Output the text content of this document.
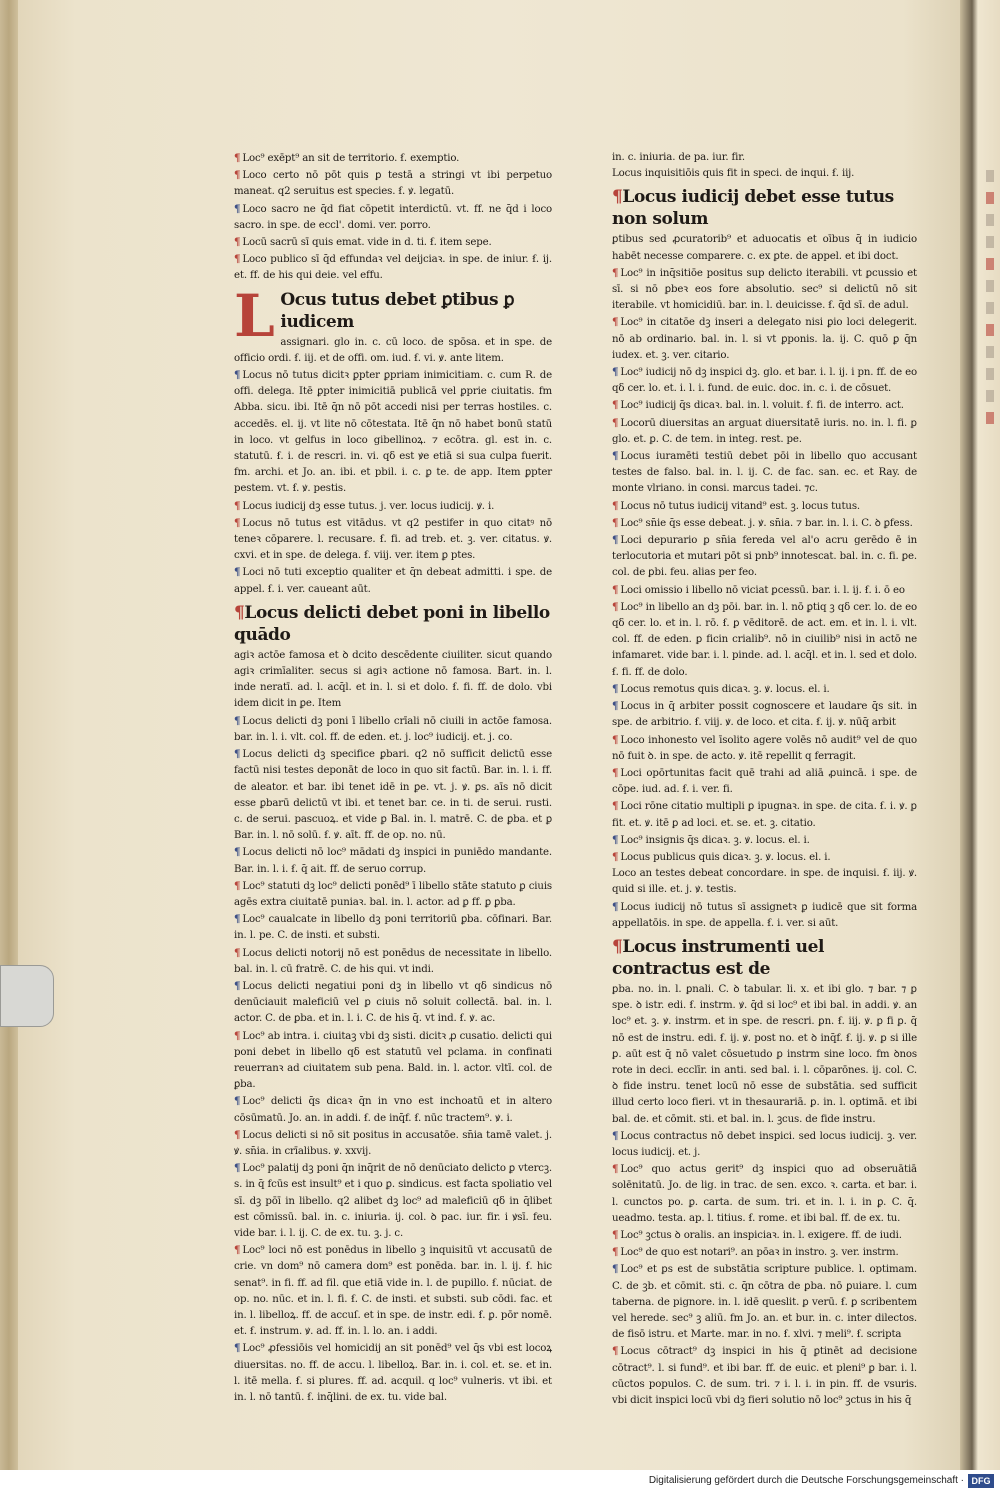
¶ Loc⁹ exēpt⁹ an sit de territorio. ẜ. exemptio.

¶ Loco certo nō pōt quis ꝑ testā a stringi vt ibi perpetuo maneat. q2 seruitus est species. ẜ. ꝟ. legatū.

¶ Loco sacro ne q̄d fiat cōpetit interdictū. vt. ff. ne q̄d i loco sacro. in spe. de eccl'. domi. ver. porro.

¶ Locū sacrū sī quis emat. vide in d. ti. ẜ. item sepe.

¶ Loco publico sī q̄d effundaꝛ vel deijciaꝛ. in spe. de iniur. ẜ. ij. et. ff. de his qui deie. vel effu.

L Ocus tutus debet ꝑtibus ꝑ iudicem

assignari. glo in. c. cū loco. de spōsa. et in spe. de officio ordi. ẜ. iij. et de offi. om. iud. ẜ. vi. ꝟ. ante litem.

¶ Locus nō tutus dicitꝛ ꝑpter ꝑpriam inimicitiam. c. cum R. de offi. delega. Itē ꝑpter inimicitiā publicā vel ꝑprie ciuitatis. fm Abba. sicu. ibi. Itē q̄n nō pōt accedi nisi per terras hostiles. c. accedēs. el. ij. vt lite nō cōtestata. Itē q̄n nō habet bonū statū in loco. vt gelfus in loco gibellinoꝝ. ⁊ ecōtra. gl. est in. c. statutū. ẜ. i. de rescri. in. vi. qδ est ꝟe etiā si sua culpa fuerit. fm. archi. et Jo. an. ibi. et pbil. i. c. ꝑ te. de app. Item ꝑpter pestem. vt. ẜ. ꝟ. pestis.

¶ Locus iudicij dꝫ esse tutus. j. ver. locus iudicij. ꝟ. i.

¶ Locus nō tutus est vitādus. vt q2 pestifer in quo citatꝰ nō teneꝛ cōparere. l. recusare. ẜ. fi. ad treb. et. ꝫ. ver. citatus. ꝟ. cxvi. et in spe. de delega. ẜ. viij. ver. item ꝑ ptes.

¶ Loci nō tuti exceptio qualiter et q̄n debeat admitti. i spe. de appel. ẜ. i. ver. caueant aūt.

¶Locus delicti debet poni in libello quādo

agiꝛ actōe famosa et ꝺ dcito descēdente ciuiliter. sicut quando agiꝛ crimīaliter. secus si agiꝛ actione nō famosa. Bart. in. l. inde neratī. ad. l. acq̄l. et in. l. si et dolo. ẜ. fi. ff. de dolo. vbi idem dicit in ꝑe. Item

¶ Locus delicti dꝫ poni ī libello crīali nō ciuili in actōe famosa. bar. in. l. i. vlt. col. ff. de eden. et. j. loc⁹ iudicij. et. j. co.

¶ Locus delicti dꝫ specifice ꝑbari. q2 nō sufficit delictū esse factū nisi testes deponāt de loco in quo sit factū. Bar. in. l. i. ff. de aleator. et bar. ibi tenet idē in ꝑe. vt. j. ꝟ. ꝑs. aīs nō dicit esse ꝑbarū delictū vt ibi. et tenet bar. ce. in ti. de serui. rusti. c. de serui. pascuoꝝ. et vide ꝑ Bal. in. l. matrē. C. de ꝑba. et ꝑ Bar. in. l. nō solū. ẜ. ꝟ. aīt. ff. de op. no. nū.

¶ Locus delicti nō loc⁹ mādati dꝫ inspici in puniēdo mandante. Bar. in. l. i. ẜ. q̄ ait. ff. de seruo corrup.

¶ Loc⁹ statuti dꝫ loc⁹ delicti ponēd⁹ ī libello stāte statuto ꝑ ciuis agēs extra ciuitatē puniaꝛ. bal. in. l. actor. ad ꝑ ff. ꝑ ꝑba.

¶ Loc⁹ caualcate in libello dꝫ poni territoriū ꝑba. cōfinari. Bar. in. l. pe. C. de insti. et substi.

¶ Locus delicti notorij nō est ponēdus de necessitate in libello. bal. in. l. cū fratrē. C. de his qui. vt indi.

¶ Locus delicti negatiui poni dꝫ in libello vt qδ sindicus nō denūciauit maleficiū vel ꝑ ciuis nō soluit collectā. bal. in. l. actor. C. de ꝑba. et in. l. i. C. de his q̄. vt ind. ẜ. ꝟ. ac.

¶ Loc⁹ ab intra. i. ciuitaꝫ vbi dꝫ sisti. dicitꝛ ꝓ cusatio. delicti qui poni debet in libello qδ est statutū vel pclama. in confinati reuerranꝛ ad ciuitatem sub pena. Bald. in. l. actor. vltī. col. de ꝑba.

¶ Loc⁹ delicti q̄s dicaꝛ q̄n in vno est inchoatū et in altero cōsūmatū. Jo. an. in addi. ẜ. de inq̄f. ẜ. nūc tractem⁹. ꝟ. i.

¶ Locus delicti si nō sit positus in accusatōe. sn̄ia tamē valet. j. ꝟ. sn̄ia. in crīalibus. ꝟ. xxvij.

¶ Loc⁹ palatij dꝫ poni q̄n inq̄rit de nō denūciato delicto ꝑ vtercꝫ. s. in q̄ fcūs est insult⁹ et i quo ꝑ. sindicus. est facta spoliatio vel sī. dꝫ pōī in libello. q2 alibet dꝫ loc⁹ ad maleficiū qδ in q̄libet est cōmissū. bal. in. c. iniuria. ij. col. ꝺ pac. iur. fir. i ꝟsī. feu. vide bar. i. l. ij. C. de ex. tu. ꝫ. j. c.

¶ Loc⁹ loci nō est ponēdus in libello ꝫ inquisitū vt accusatū de crie. vn dom⁹ nō camera dom⁹ est ponēda. bar. in. l. ij. ẜ. hic senat⁹. in fi. ff. ad fil. que etiā vide in. l. de pupillo. ẜ. nūciat. de op. no. nūc. et in. l. fi. ẜ. C. de insti. et substi. sub cōdi. fac. et in. l. libelloꝝ. ff. de accuſ. et in spe. de instr. edi. ẜ. ꝑ. pōr nomē. et. ẜ. instrum. ꝟ. ad. ff. in. l. lo. an. i addi.

¶ Loc⁹ ꝓfessiōis vel homicidij an sit ponēd⁹ vel q̄s vbi est locoꝝ diuersitas. no. ff. de accu. l. libelloꝝ. Bar. in. i. col. et. se. et in. l. itē mella. ẜ. si plures. ff. ad. acquil. q loc⁹ vulneris. vt ibi. et in. l. nō tantū. ẜ. inq̄lini. de ex. tu. vide bal.

in. c. iniuria. de pa. iur. fir.

Locus inquisitiōis quis fit in speci. de inqui. ẜ. iij.

¶Locus iudicij debet esse tutus non solum

ꝑtibus sed ꝓcuratorib⁹ et aduocatis et oībus q̄ in iudicio habēt necesse comparere. c. ex ꝑte. de appel. et ibi doct.

¶ Loc⁹ in inq̄sitiōe positus sup delicto iterabili. vt ꝑcussio et sī. si nō ꝑbeꝛ eos fore absolutio. sec⁹ si delictū nō sit iterabile. vt homicidiū. bar. in. l. deuicisse. ẜ. q̄d sī. de adul.

¶ Loc⁹ in citatōe dꝫ inseri a delegato nisi ꝑio loci delegerit. nō ab ordinario. bal. in. l. si vt ꝑponis. la. ij. C. quō ꝑ q̄n iudex. et. ꝫ. ver. citario.

¶ Loc⁹ iudicij nō dꝫ inspici dꝫ. glo. et bar. i. l. ij. i pn. ff. de eo qδ cer. lo. et. i. l. i. fund. de euic. doc. in. c. i. de cōsuet.

¶ Loc⁹ iudicij q̄s dicaꝛ. bal. in. l. voluit. ẜ. fi. de interro. act.

¶ Locorū diuersitas an arguat diuersitatē iuris. no. in. l. fi. ꝑ glo. et. ꝑ. C. de tem. in integ. rest. pe.

¶ Locus iuramēti testiū debet pōi in libello quo accusant testes de falso. bal. in. l. ij. C. de fac. san. ec. et Ray. de monte vlriano. in consi. marcus tadei. ⁊c.

¶ Locus nō tutus iudicij vitand⁹ est. ꝫ. locus tutus.

¶ Loc⁹ sn̄ie q̄s esse debeat. j. ꝟ. sn̄ia. ⁊ bar. in. l. i. C. ꝺ ꝑfess.

¶ Loci depurario ꝑ sn̄ia fereda vel al'o acru gerēdo ē in terlocutoria et mutari pōt si pnb⁹ innotescat. bal. in. c. fi. ꝑe. col. de ꝑbi. feu. alias per feo.

¶ Loci omissio i libello nō viciat ꝑcessū. bar. i. l. ij. ẜ. i. ō eo

¶ Loc⁹ in libello an dꝫ pōi. bar. in. l. nō ꝑtiq ꝫ qδ cer. lo. de eo qδ cer. lo. et in. l. rō. ẜ. ꝑ vēditorē. de act. em. et in. l. i. vlt. col. ff. de eden. ꝑ ficin crialib⁹. nō in ciuilib⁹ nisi in actō ne infamaret. vide bar. i. l. pinde. ad. l. acq̄l. et in. l. sed et dolo. ẜ. fi. ff. de dolo.

¶ Locus remotus quis dicaꝛ. ꝫ. ꝟ. locus. el. i.

¶ Locus in q̄ arbiter possit cognoscere et laudare q̄s sit. in spe. de arbitrio. ẜ. viij. ꝟ. de loco. et cita. ẜ. ij. ꝟ. nūq̄ arbit

¶ Loco inhonesto vel īsolito agere volēs nō audit⁹ vel de quo nō fuit ꝺ. in spe. de acto. ꝟ. itē repellit q ferragit.

¶ Loci opōrtunitas facit quē trahi ad aliā ꝓuincā. i spe. de cōpe. iud. ad. ẜ. i. ver. fi.

¶ Loci rōne citatio multipli ꝑ ipugnaꝛ. in spe. de cita. ẜ. i. ꝟ. ꝑ fit. et. ꝟ. itē ꝑ ad loci. et. se. et. ꝫ. citatio.

¶ Loc⁹ insignis q̄s dicaꝛ. ꝫ. ꝟ. locus. el. i.

¶ Locus publicus quis dicaꝛ. ꝫ. ꝟ. locus. el. i.

Loco an testes debeat concordare. in spe. de inquisi. ẜ. iij. ꝟ. quid si ille. et. j. ꝟ. testis.

¶ Locus iudicij nō tutus sī assignetꝛ ꝑ iudicē que sit forma appellatōis. in spe. de appella. ẜ. i. ver. si aūt.

¶Locus instrumenti uel contractus est de

ꝑba. no. in. l. ꝑnali. C. ꝺ tabular. li. x. et ibi glo. ⁊ bar. ⁊ ꝑ spe. ꝺ istr. edi. ẜ. instrm. ꝟ. q̄d si loc⁹ et ibi bal. in addi. ꝟ. an loc⁹ et. ꝫ. ꝟ. instrm. et in spe. de rescri. ꝑn. ẜ. iij. ꝟ. ꝑ fi ꝑ. q̄ nō est de instru. edi. ẜ. ij. ꝟ. post no. et ꝺ inq̄f. ẜ. ij. ꝟ. ꝑ si ille ꝑ. aūt est q̄ nō valet cōsuetudo ꝑ instrm sine loco. fm ꝺnos rote in deci. ecclīr. in anti. sed bal. i. l. cōparōnes. ij. col. C. ꝺ fide instru. tenet locū nō esse de substātia. sed sufficit illud certo loco fieri. vt in thesaurariā. ꝑ. in. l. optimā. et ibi bal. de. et cōmit. sti. et bal. in. l. ꝫcus. de fide instru.

¶ Locus contractus nō debet inspici. sed locus iudicij. ꝫ. ver. locus iudicij. et. j.

¶ Loc⁹ quo actus gerit⁹ dꝫ inspici quo ad obseruātiā solēnitatū. Jo. de lig. in trac. de sen. exco. ꝛ. carta. et bar. i. l. cunctos po. ꝑ. carta. de sum. tri. et in. l. i. in ꝑ. C. q̄. ueadmo. testa. ap. l. titius. ẜ. rome. et ibi bal. ff. de ex. tu.

¶ Loc⁹ ꝫctus ꝺ oralis. an inspiciaꝛ. in. l. exigere. ff. de iudi.

¶ Loc⁹ de quo est notari⁹. an pōaꝛ in instro. ꝫ. ver. instrm.

¶ Loc⁹ et ꝑs est de substātia scripture publice. l. optimam. C. de ꝫb. et cōmit. sti. c. q̄n cōtra de ꝑba. nō ꝑuiare. l. cum taberna. de pignore. in. l. idē queslit. ꝑ verū. ẜ. ꝑ scribentem vel herede. sec⁹ ꝫ aliū. fm Jo. an. et bur. in. c. inter dilectos. de fisō istru. et Marte. mar. in no. ẜ. xlvi. ⁊ meli⁹. ẜ. scripta

¶ Locus cōtract⁹ dꝫ inspici in his q̄ ꝑtinēt ad decisione cōtract⁹. l. si fund⁹. et ibi bar. ff. de euic. et pleni⁹ ꝑ bar. i. l. cūctos populos. C. de sum. tri. ⁊ i. l. i. in pin. ff. de vsuris. vbi dicit inspici locū vbi dꝫ fieri solutio nō loc⁹ ꝫctus in his q̄

Digitalisierung gefördert durch die Deutsche Forschungsgemeinschaft · DFG
